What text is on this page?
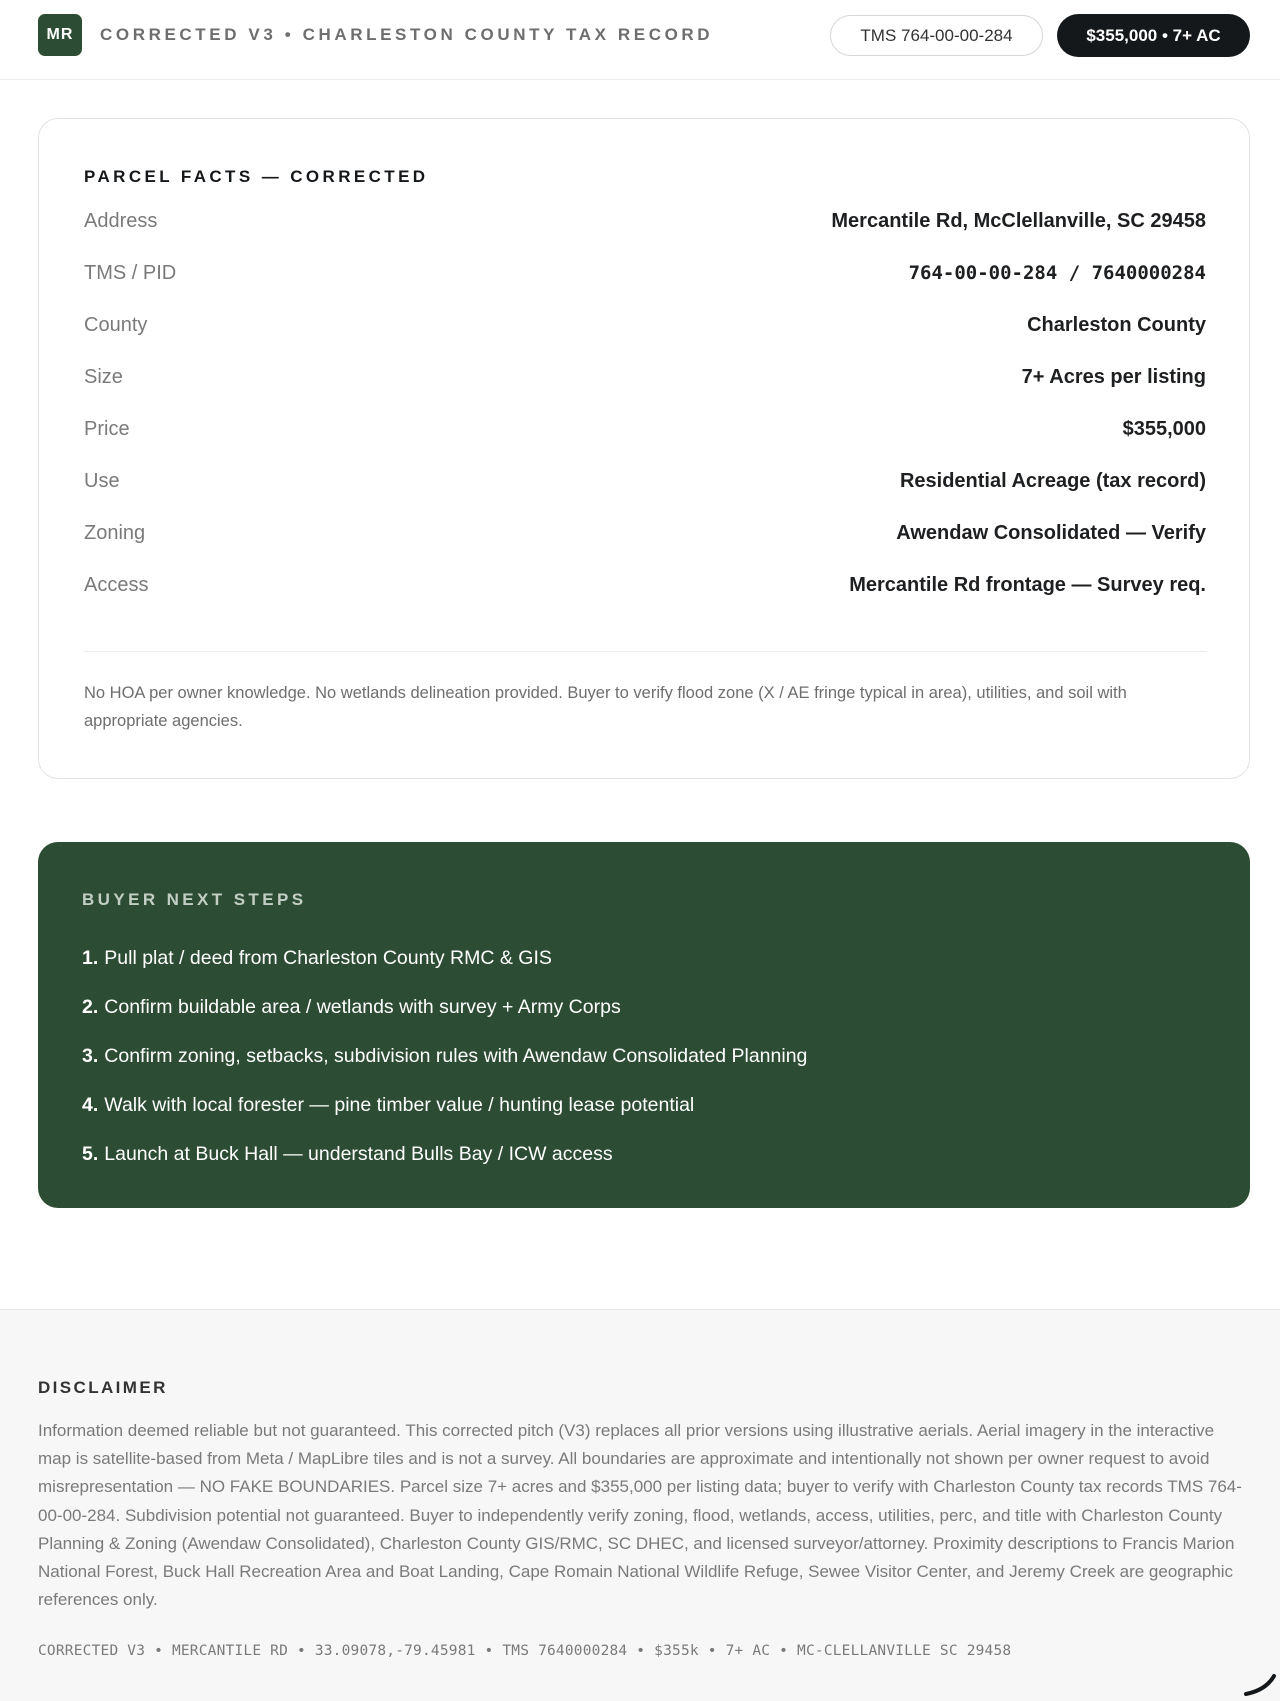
MR	CORRECTED V3 • CHARLESTON COUNTY TAX RECORD	TMS 764-00-00-284	$355,000 • 7+ AC
PARCEL FACTS — CORRECTED
Address	Mercantile Rd, McClellanville, SC 29458
TMS / PID	764-00-00-284 / 7640000284
County	Charleston County
Size	7+ Acres per listing
Price	$355,000
Use	Residential Acreage (tax record)
Zoning	Awendaw Consolidated — Verify
Access	Mercantile Rd frontage — Survey req.

No HOA per owner knowledge. No wetlands delineation provided. Buyer to verify flood zone (X / AE fringe typical in area), utilities, and soil with appropriate agencies.

BUYER NEXT STEPS
1. Pull plat / deed from Charleston County RMC & GIS
2. Confirm buildable area / wetlands with survey + Army Corps
3. Confirm zoning, setbacks, subdivision rules with Awendaw Consolidated Planning
4. Walk with local forester — pine timber value / hunting lease potential
5. Launch at Buck Hall — understand Bulls Bay / ICW access
DISCLAIMER

Information deemed reliable but not guaranteed. This corrected pitch (V3) replaces all prior versions using illustrative aerials. Aerial imagery in the interactive map is satellite-based from Meta / MapLibre tiles and is not a survey. All boundaries are approximate and intentionally not shown per owner request to avoid misrepresentation — NO FAKE BOUNDARIES. Parcel size 7+ acres and $355,000 per listing data; buyer to verify with Charleston County tax records TMS 764-00-00-284. Subdivision potential not guaranteed. Buyer to independently verify zoning, flood, wetlands, access, utilities, perc, and title with Charleston County Planning & Zoning (Awendaw Consolidated), Charleston County GIS/RMC, SC DHEC, and licensed surveyor/attorney. Proximity descriptions to Francis Marion National Forest, Buck Hall Recreation Area and Boat Landing, Cape Romain National Wildlife Refuge, Sewee Visitor Center, and Jeremy Creek are geographic references only.

CORRECTED V3 • MERCANTILE RD • 33.09078,-79.45981 • TMS 7640000284 • $355k • 7+ AC • MC-CLELLANVILLE SC 29458
